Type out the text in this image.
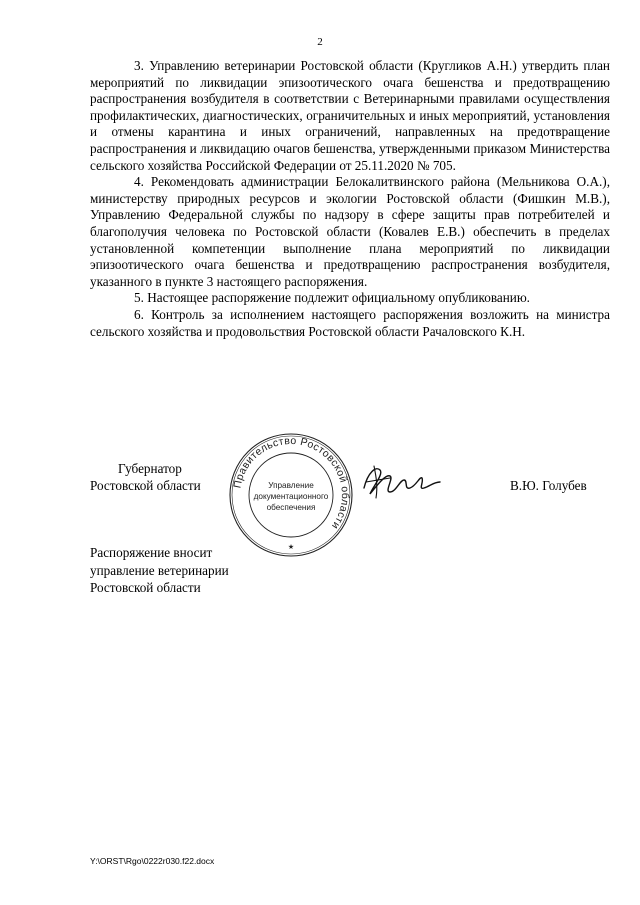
2

3. Управлению ветеринарии Ростовской области (Кругликов А.Н.) утвердить план мероприятий по ликвидации эпизоотического очага бешенства и предотвращению распространения возбудителя в соответствии с Ветеринарными правилами осуществления профилактических, диагностических, ограничительных и иных мероприятий, установления и отмены карантина и иных ограничений, направленных на предотвращение распространения и ликвидацию очагов бешенства, утвержденными приказом Министерства сельского хозяйства Российской Федерации от 25.11.2020 № 705.

4. Рекомендовать администрации Белокалитвинского района (Мельникова О.А.), министерству природных ресурсов и экологии Ростовской области (Фишкин М.В.), Управлению Федеральной службы по надзору в сфере защиты прав потребителей и благополучия человека по Ростовской области (Ковалев Е.В.) обеспечить в пределах установленной компетенции выполнение плана мероприятий по ликвидации эпизоотического очага бешенства и предотвращению распространения возбудителя, указанного в пункте 3 настоящего распоряжения.

5. Настоящее распоряжение подлежит официальному опубликованию.

6. Контроль за исполнением настоящего распоряжения возложить на министра сельского хозяйства и продовольствия Ростовской области Рачаловского К.Н.

Губернатор
Ростовской области	Правительство Ростовской области
Управление
документационного
обеспечения
★
В.Ю. Голубев
Распоряжение вносит
управление ветеринарии
Ростовской области
Y:\ORST\Rgo\0222r030.f22.docx
